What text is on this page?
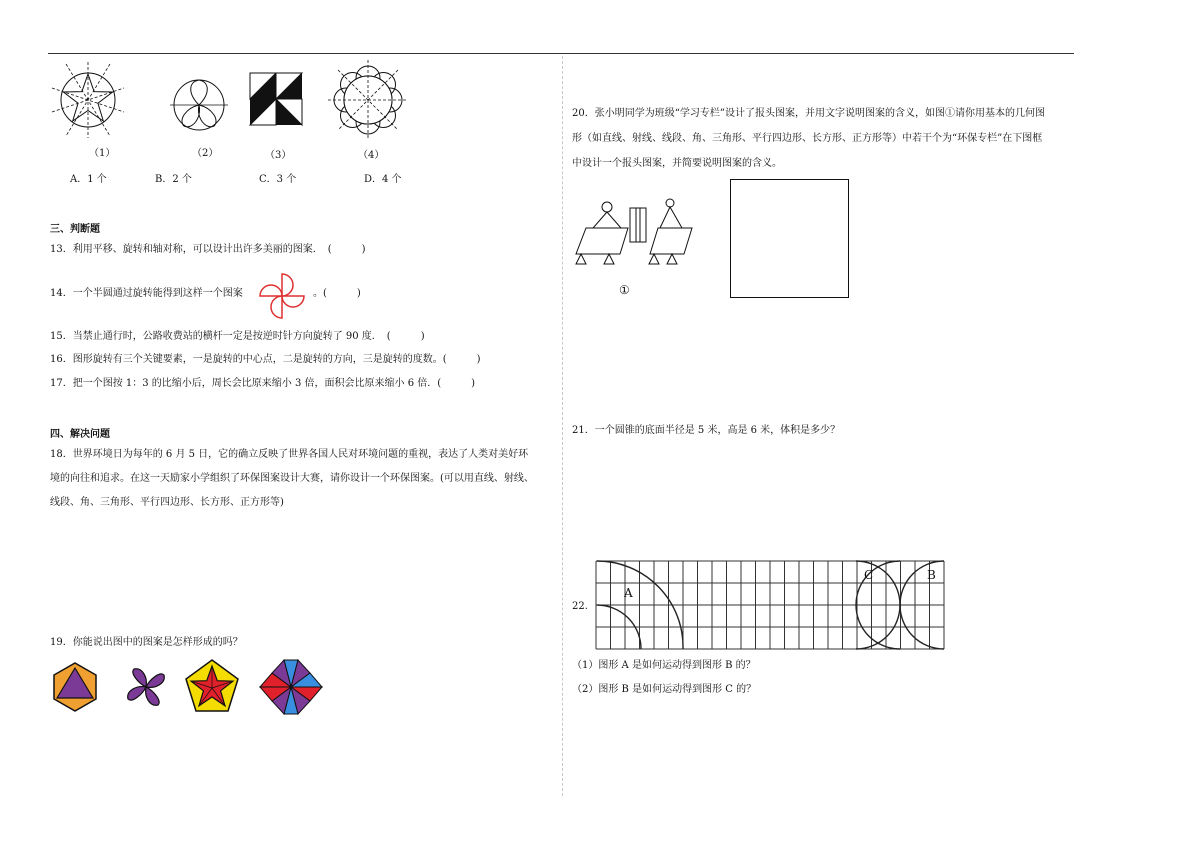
（1）	（2）	（3）	（4）
A．1 个	B．2 个	C．3 个	D．4 个
三、判断题
13．利用平移、旋转和轴对称，可以设计出许多美丽的图案．　(　　　)
14．一个半圆通过旋转能得到这样一个图案	。(　　　)
15．当禁止通行时，公路收费站的横杆一定是按逆时针方向旋转了 90 度．　(　　　)
16．图形旋转有三个关键要素，一是旋转的中心点，二是旋转的方向，三是旋转的度数。(　　　)
17．把一个图按 1：3 的比缩小后，周长会比原来缩小 3 倍，面积会比原来缩小 6 倍．(　　　)
四、解决问题
18．世界环境日为每年的 6 月 5 日，它的确立反映了世界各国人民对环境问题的重视，表达了人类对美好环
境的向往和追求。在这一天励家小学组织了环保图案设计大赛，请你设计一个环保图案。(可以用直线、射线、
线段、角、三角形、平行四边形、长方形、正方形等)
19．你能说出图中的图案是怎样形成的吗？
20．张小明同学为班级“学习专栏”设计了报头图案，并用文字说明图案的含义，如图①请你用基本的几何图
形（如直线、射线、线段、角、三角形、平行四边形、长方形、正方形等）中若干个为“环保专栏”在下图框
中设计一个报头图案，并简要说明图案的含义。
①
21．一个圆锥的底面半径是 5 米，高是 6 米，体积是多少？
22.
A
C	B
（1）图形 A 是如何运动得到图形 B 的？
（2）图形 B 是如何运动得到图形 C 的？
